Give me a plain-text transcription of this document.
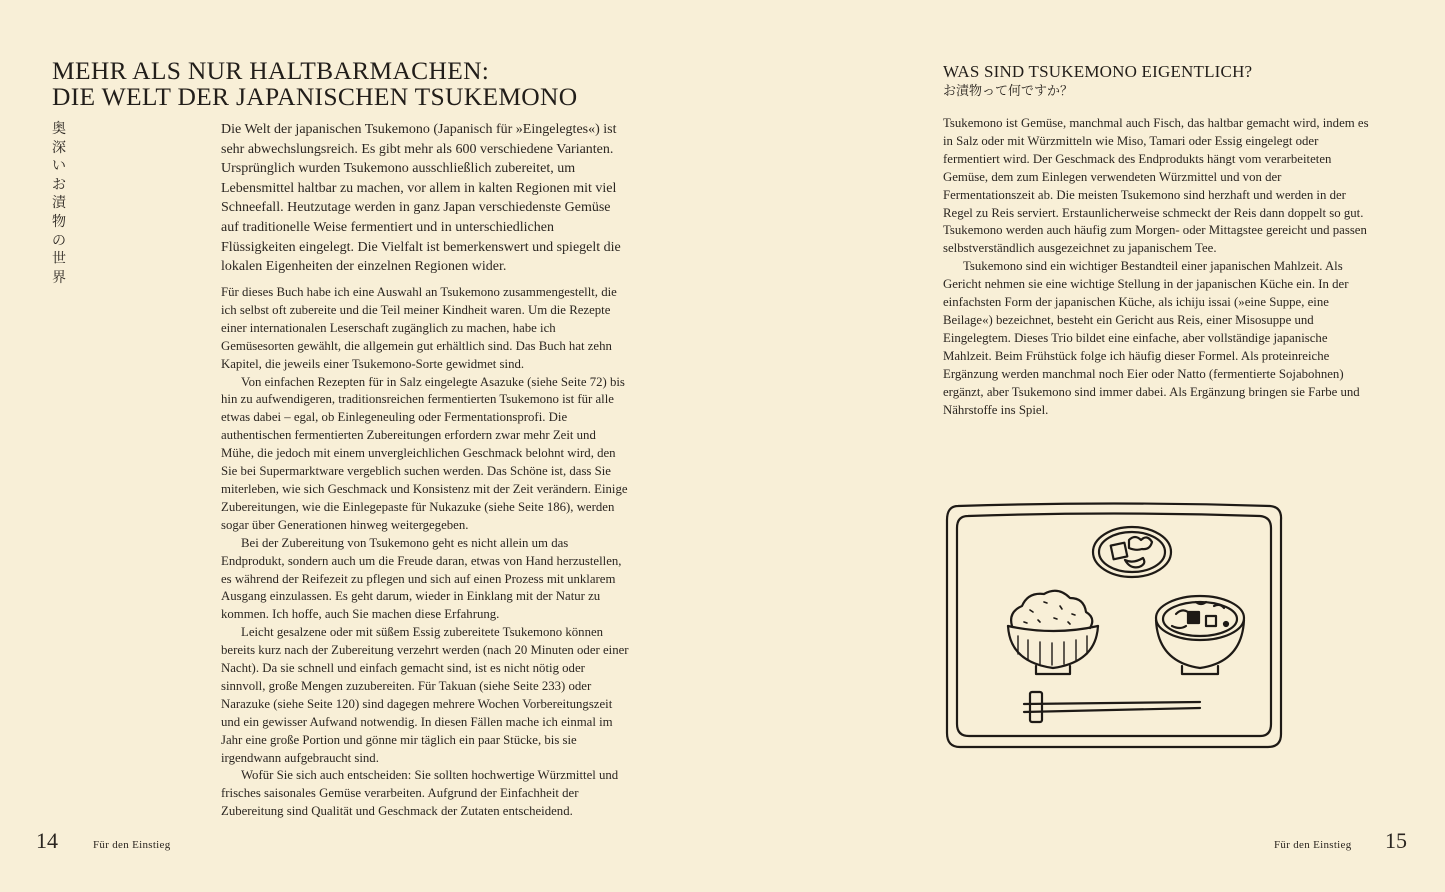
MEHR ALS NUR HALTBARMACHEN:
DIE WELT DER JAPANISCHEN TSUKEMONO
奥深いお漬物の世界

Die Welt der japanischen Tsukemono (Japanisch für »Eingelegtes«) ist sehr abwechslungsreich. Es gibt mehr als 600 verschiedene Varianten. Ursprünglich wurden Tsukemono ausschließlich zubereitet, um Lebensmittel haltbar zu machen, vor allem in kalten Regionen mit viel Schneefall. Heutzutage werden in ganz Japan verschiedenste Gemüse auf traditionelle Weise fermentiert und in unterschiedlichen Flüssigkeiten eingelegt. Die Vielfalt ist bemerkenswert und spiegelt die lokalen Eigenheiten der einzelnen Regionen wider.

Für dieses Buch habe ich eine Auswahl an Tsukemono zusammengestellt, die ich selbst oft zubereite und die Teil meiner Kindheit waren. Um die Rezepte einer internationalen Leserschaft zugänglich zu machen, habe ich Gemüsesorten gewählt, die allgemein gut erhältlich sind. Das Buch hat zehn Kapitel, die jeweils einer Tsukemono-Sorte gewidmet sind.

Von einfachen Rezepten für in Salz eingelegte Asazuke (siehe Seite 72) bis hin zu aufwendigeren, traditionsreichen fermentierten Tsukemono ist für alle etwas dabei – egal, ob Einlegeneuling oder Fermentationsprofi. Die authentischen fermentierten Zubereitungen erfordern zwar mehr Zeit und Mühe, die jedoch mit einem unvergleichlichen Geschmack belohnt wird, den Sie bei Supermarktware vergeblich suchen werden. Das Schöne ist, dass Sie miterleben, wie sich Geschmack und Konsistenz mit der Zeit verändern. Einige Zubereitungen, wie die Einlegepaste für Nukazuke (siehe Seite 186), werden sogar über Generationen hinweg weitergegeben.

Bei der Zubereitung von Tsukemono geht es nicht allein um das Endprodukt, sondern auch um die Freude daran, etwas von Hand herzustellen, es während der Reifezeit zu pflegen und sich auf einen Prozess mit unklarem Ausgang einzulassen. Es geht darum, wieder in Einklang mit der Natur zu kommen. Ich hoffe, auch Sie machen diese Erfahrung.

Leicht gesalzene oder mit süßem Essig zubereitete Tsukemono können bereits kurz nach der Zubereitung verzehrt werden (nach 20 Minuten oder einer Nacht). Da sie schnell und einfach gemacht sind, ist es nicht nötig oder sinnvoll, große Mengen zuzubereiten. Für Takuan (siehe Seite 233) oder Narazuke (siehe Seite 120) sind dagegen mehrere Wochen Vorbereitungszeit und ein gewisser Aufwand notwendig. In diesen Fällen mache ich einmal im Jahr eine große Portion und gönne mir täglich ein paar Stücke, bis sie irgendwann aufgebraucht sind.

Wofür Sie sich auch entscheiden: Sie sollten hochwertige Würzmittel und frisches saisonales Gemüse verarbeiten. Aufgrund der Einfachheit der Zubereitung sind Qualität und Geschmack der Zutaten entscheidend.

14	Für den Einstieg
WAS SIND TSUKEMONO EIGENTLICH?
お漬物って何ですか？

Tsukemono ist Gemüse, manchmal auch Fisch, das haltbar gemacht wird, indem es in Salz oder mit Würzmitteln wie Miso, Tamari oder Essig eingelegt oder fermentiert wird. Der Geschmack des Endprodukts hängt vom verarbeiteten Gemüse, dem zum Einlegen verwendeten Würzmittel und von der Fermentationszeit ab. Die meisten Tsukemono sind herzhaft und werden in der Regel zu Reis serviert. Erstaunlicherweise schmeckt der Reis dann doppelt so gut. Tsukemono werden auch häufig zum Morgen- oder Mittagstee gereicht und passen selbstverständlich ausgezeichnet zu japanischem Tee.

Tsukemono sind ein wichtiger Bestandteil einer japanischen Mahlzeit. Als Gericht nehmen sie eine wichtige Stellung in der japanischen Küche ein. In der einfachsten Form der japanischen Küche, als ichiju issai (»eine Suppe, eine Beilage«) bezeichnet, besteht ein Gericht aus Reis, einer Misosuppe und Eingelegtem. Dieses Trio bildet eine einfache, aber vollständige japanische Mahlzeit. Beim Frühstück folge ich häufig dieser Formel. Als proteinreiche Ergänzung werden manchmal noch Eier oder Natto (fermentierte Sojabohnen) ergänzt, aber Tsukemono sind immer dabei. Als Ergänzung bringen sie Farbe und Nährstoffe ins Spiel.

Für den Einstieg 15
